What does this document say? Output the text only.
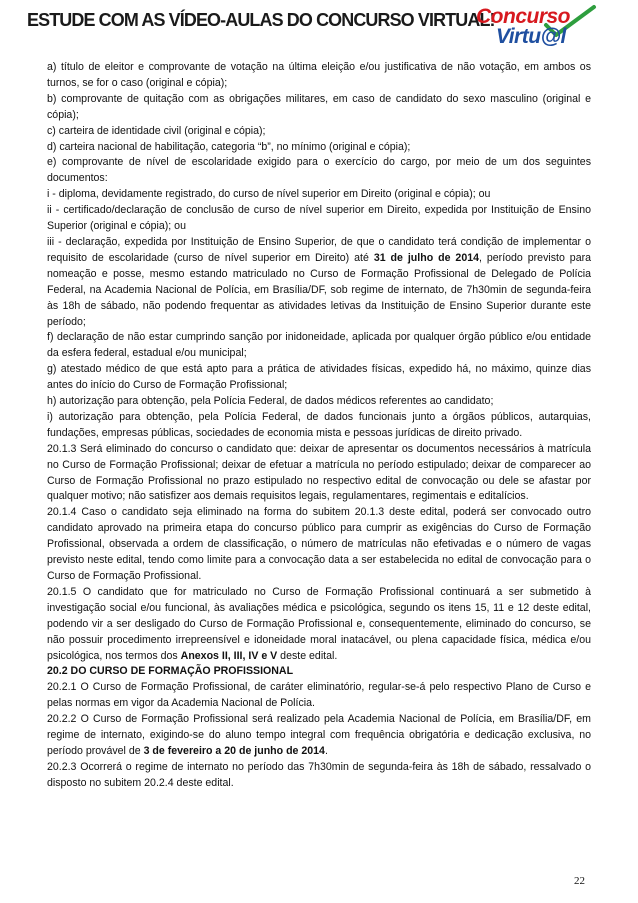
ESTUDE COM AS VÍDEO-AULAS DO CONCURSO VIRTUAL!
Concurso
Virtu@l

a) título de eleitor e comprovante de votação na última eleição e/ou justificativa de não votação, em ambos os turnos, se for o caso (original e cópia);

b) comprovante de quitação com as obrigações militares, em caso de candidato do sexo masculino (original e cópia);

c) carteira de identidade civil (original e cópia);

d) carteira nacional de habilitação, categoria “b”, no mínimo (original e cópia);

e) comprovante de nível de escolaridade exigido para o exercício do cargo, por meio de um dos seguintes documentos:

i - diploma, devidamente registrado, do curso de nível superior em Direito (original e cópia); ou

ii - certificado/declaração de conclusão de curso de nível superior em Direito, expedida por Instituição de Ensino Superior (original e cópia); ou

iii - declaração, expedida por Instituição de Ensino Superior, de que o candidato terá condição de implementar o requisito de escolaridade (curso de nível superior em Direito) até 31 de julho de 2014, período previsto para nomeação e posse, mesmo estando matriculado no Curso de Formação Profissional de Delegado de Polícia Federal, na Academia Nacional de Polícia, em Brasília/DF, sob regime de internato, de 7h30min de segunda-feira às 18h de sábado, não podendo frequentar as atividades letivas da Instituição de Ensino Superior durante este período;

f) declaração de não estar cumprindo sanção por inidoneidade, aplicada por qualquer órgão público e/ou entidade da esfera federal, estadual e/ou municipal;

g) atestado médico de que está apto para a prática de atividades físicas, expedido há, no máximo, quinze dias antes do início do Curso de Formação Profissional;

h) autorização para obtenção, pela Polícia Federal, de dados médicos referentes ao candidato;

i) autorização para obtenção, pela Polícia Federal, de dados funcionais junto a órgãos públicos, autarquias, fundações, empresas públicas, sociedades de economia mista e pessoas jurídicas de direito privado.

20.1.3 Será eliminado do concurso o candidato que: deixar de apresentar os documentos necessários à matrícula no Curso de Formação Profissional; deixar de efetuar a matrícula no período estipulado; deixar de comparecer ao Curso de Formação Profissional no prazo estipulado no respectivo edital de convocação ou dele se afastar por qualquer motivo; não satisfizer aos demais requisitos legais, regulamentares, regimentais e editalícios.

20.1.4 Caso o candidato seja eliminado na forma do subitem 20.1.3 deste edital, poderá ser convocado outro candidato aprovado na primeira etapa do concurso público para cumprir as exigências do Curso de Formação Profissional, observada a ordem de classificação, o número de matrículas não efetivadas e o número de vagas previsto neste edital, tendo como limite para a convocação data a ser estabelecida no edital de convocação para o Curso de Formação Profissional.

20.1.5 O candidato que for matriculado no Curso de Formação Profissional continuará a ser submetido à investigação social e/ou funcional, às avaliações médica e psicológica, segundo os itens 15, 11 e 12 deste edital, podendo vir a ser desligado do Curso de Formação Profissional e, consequentemente, eliminado do concurso, se não possuir procedimento irrepreensível e idoneidade moral inatacável, ou plena capacidade física, médica e/ou psicológica, nos termos dos Anexos II, III, IV e V deste edital.

20.2 DO CURSO DE FORMAÇÃO PROFISSIONAL

20.2.1 O Curso de Formação Profissional, de caráter eliminatório, regular-se-á pelo respectivo Plano de Curso e pelas normas em vigor da Academia Nacional de Polícia.

20.2.2 O Curso de Formação Profissional será realizado pela Academia Nacional de Polícia, em Brasília/DF, em regime de internato, exigindo-se do aluno tempo integral com frequência obrigatória e dedicação exclusiva, no período provável de 3 de fevereiro a 20 de junho de 2014.

20.2.3 Ocorrerá o regime de internato no período das 7h30min de segunda-feira às 18h de sábado, ressalvado o disposto no subitem 20.2.4 deste edital.

22
